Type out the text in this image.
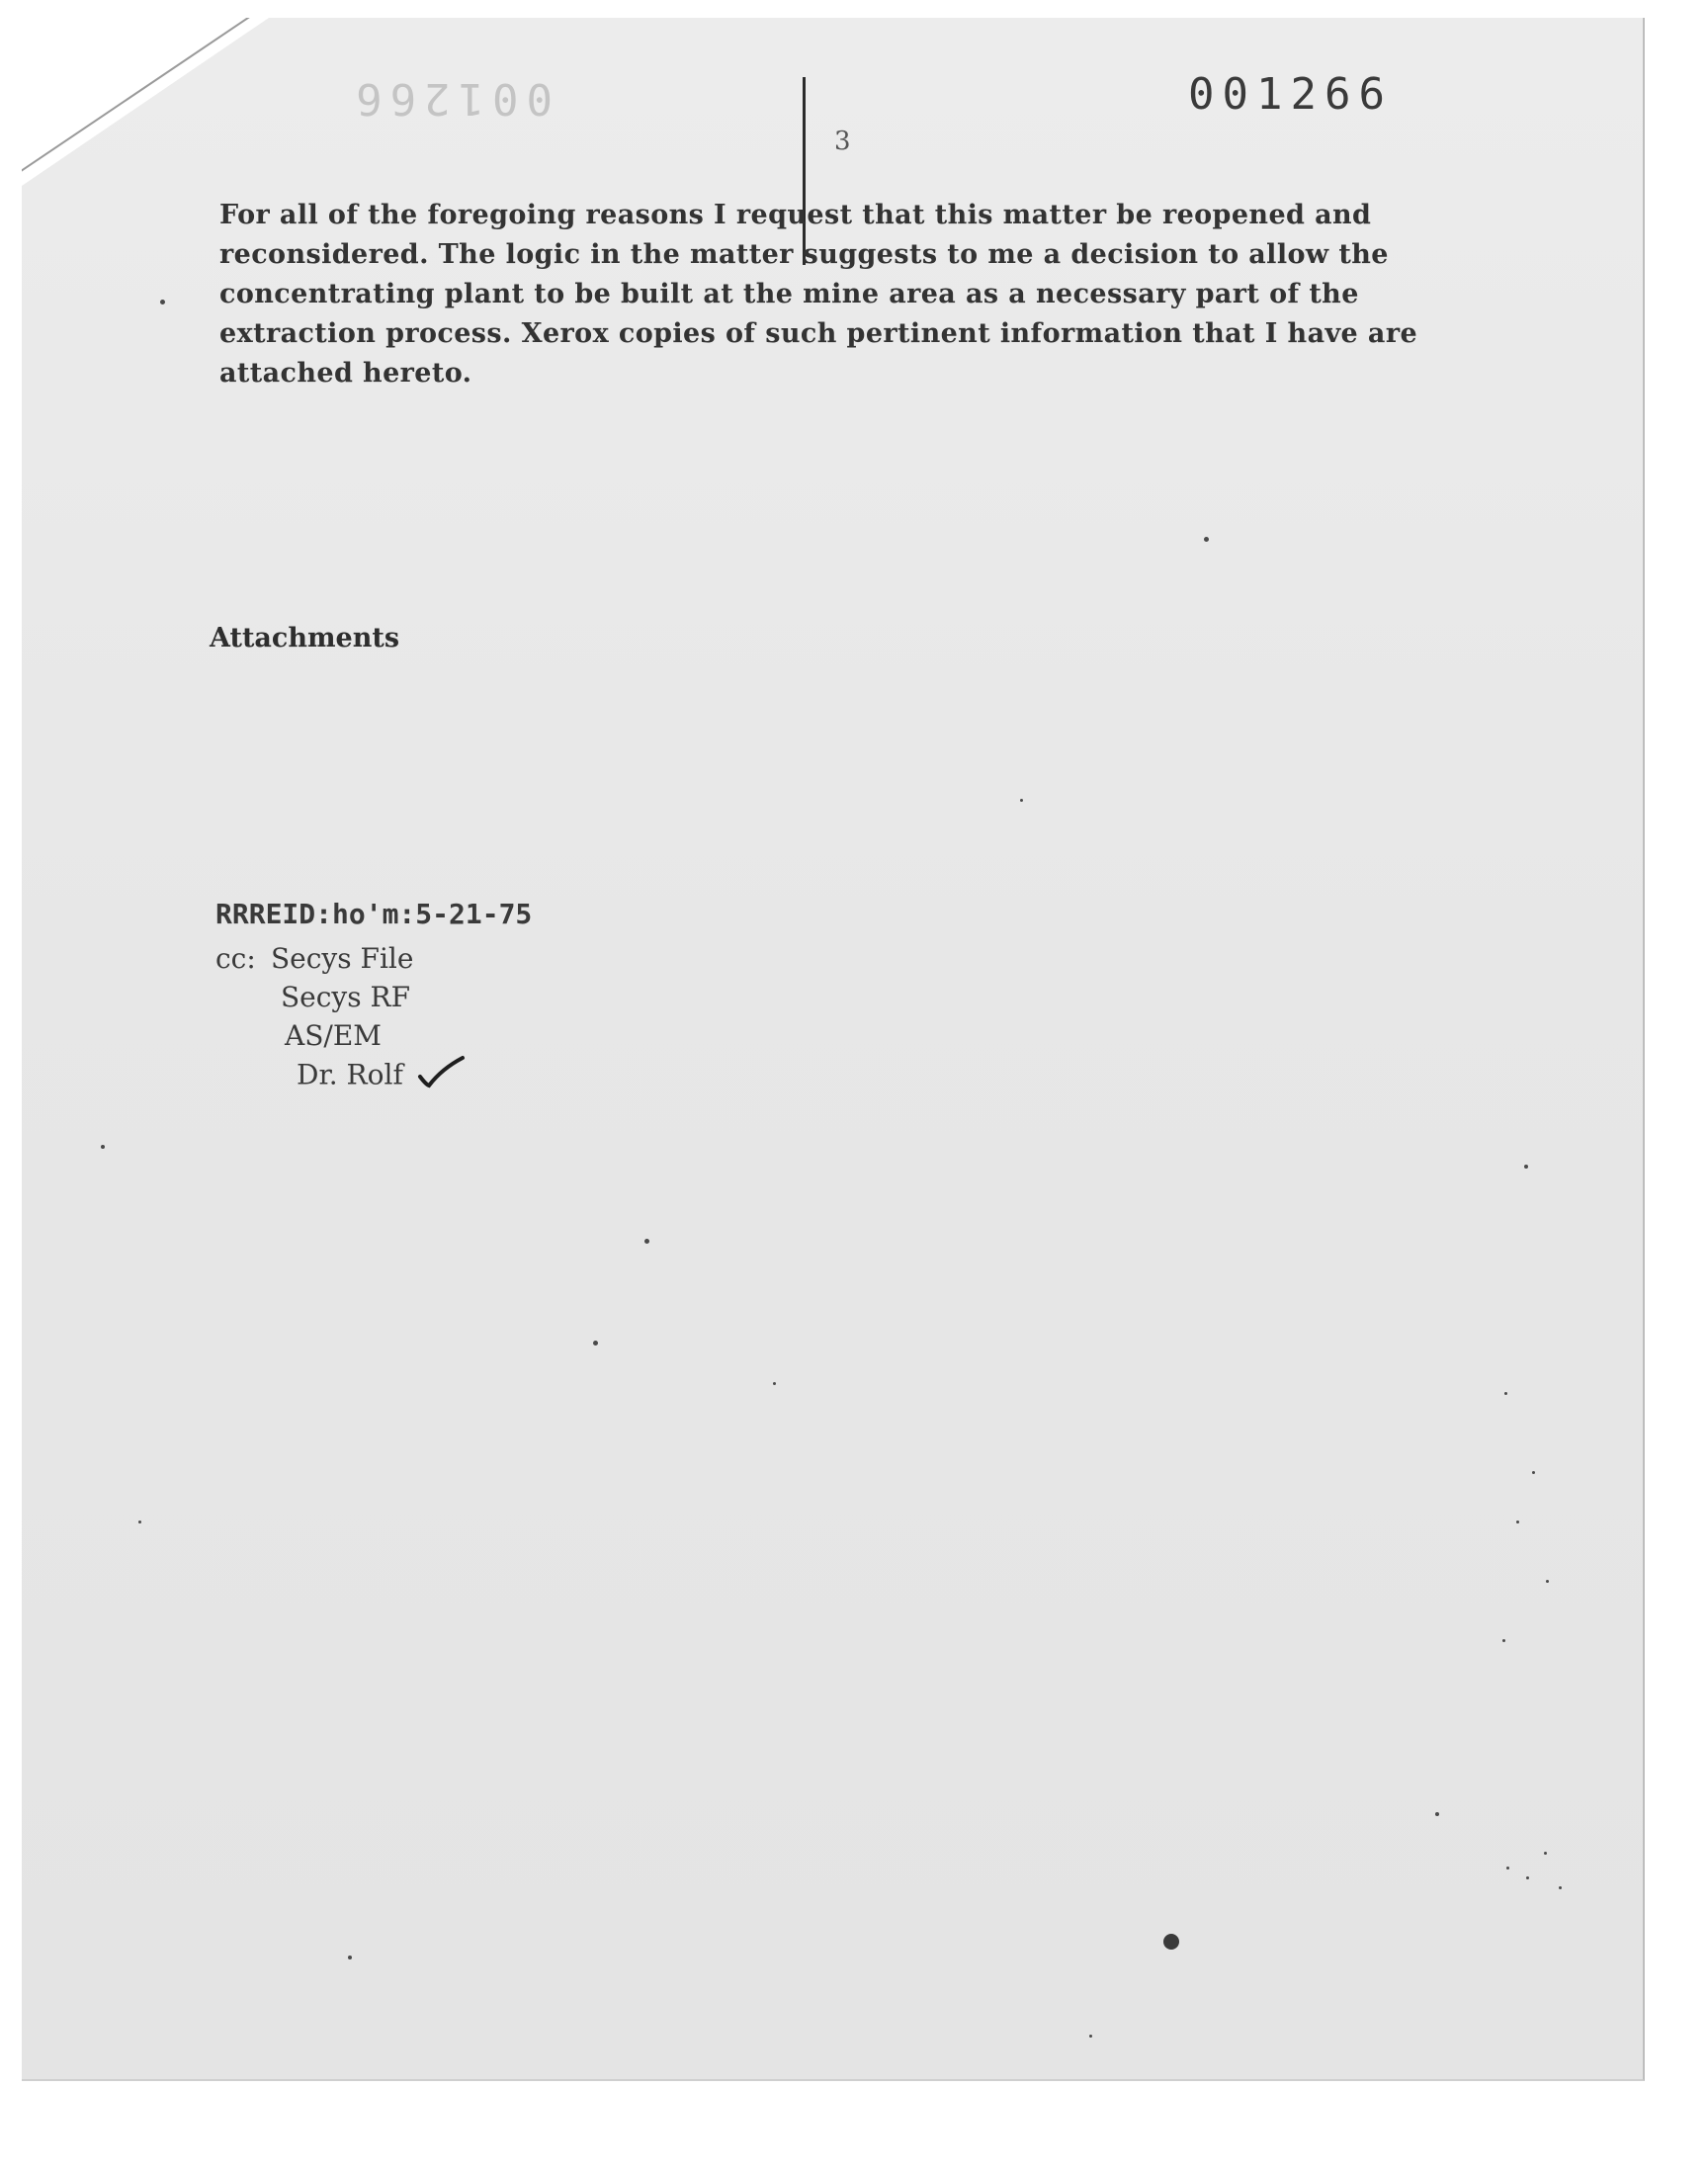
001266	001266
3
For all of the foregoing reasons I request that this matter be reopened and reconsidered. The logic in the matter suggests to me a decision to allow the concentrating plant to be built at the mine area as a necessary part of the extraction process. Xerox copies of such pertinent information that I have are attached hereto.
Attachments
RRREID:ho'm:5-21-75
cc: Secys File
Secys RF
AS/EM
Dr. Rolf
